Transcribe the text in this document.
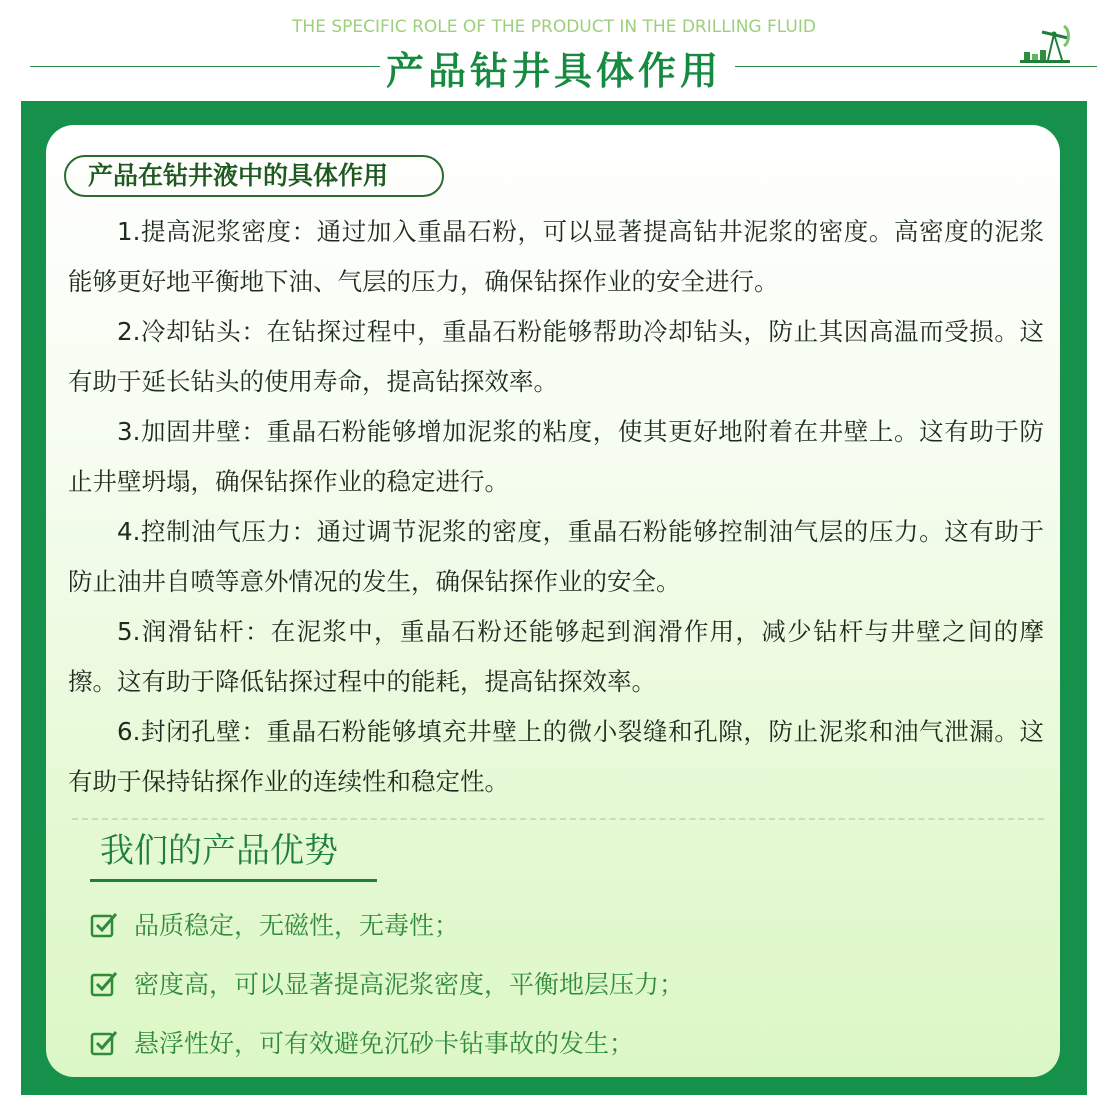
THE SPECIFIC ROLE OF THE PRODUCT IN THE DRILLING FLUID
产品钻井具体作用
产品在钻井液中的具体作用

1.提高泥浆密度：通过加入重晶石粉，可以显著提高钻井泥浆的密度。高密度的泥浆能够更好地平衡地下油、气层的压力，确保钻探作业的安全进行。

2.冷却钻头：在钻探过程中，重晶石粉能够帮助冷却钻头，防止其因高温而受损。这有助于延长钻头的使用寿命，提高钻探效率。

3.加固井壁：重晶石粉能够增加泥浆的粘度，使其更好地附着在井壁上。这有助于防止井壁坍塌，确保钻探作业的稳定进行。

4.控制油气压力：通过调节泥浆的密度，重晶石粉能够控制油气层的压力。这有助于防止油井自喷等意外情况的发生，确保钻探作业的安全。

5.润滑钻杆：在泥浆中，重晶石粉还能够起到润滑作用，减少钻杆与井壁之间的摩擦。这有助于降低钻探过程中的能耗，提高钻探效率。

6.封闭孔壁：重晶石粉能够填充井壁上的微小裂缝和孔隙，防止泥浆和油气泄漏。这有助于保持钻探作业的连续性和稳定性。

我们的产品优势
品质稳定，无磁性，无毒性；
密度高，可以显著提高泥浆密度，平衡地层压力；
悬浮性好，可有效避免沉砂卡钻事故的发生；
